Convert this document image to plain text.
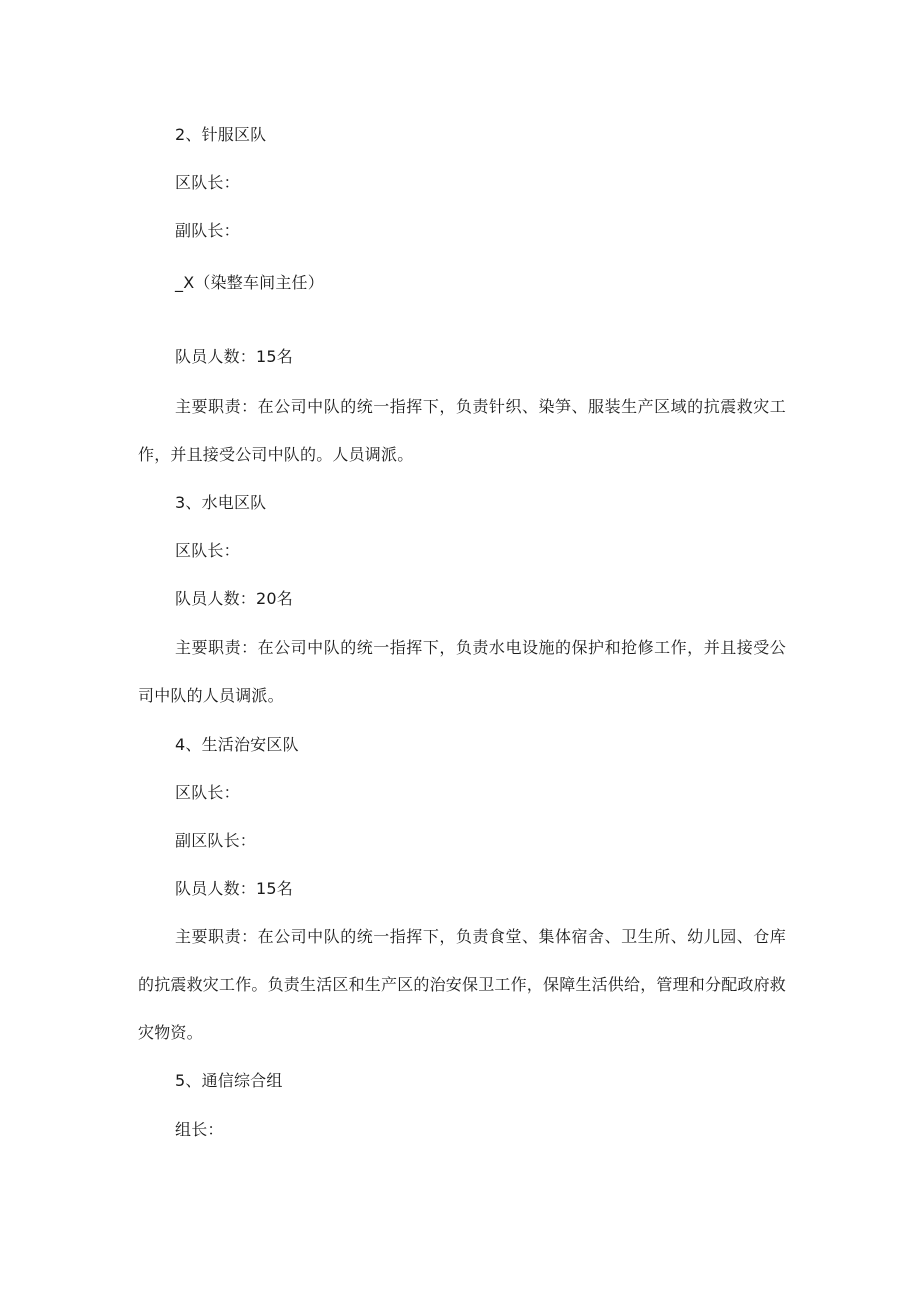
2、针服区队
区队长：
副队长：
_X（染整车间主任）
队员人数：15名
主要职责：在公司中队的统一指挥下，负责针织、染笋、服装生产区域的抗震救灾工作，并且接受公司中队的。人员调派。
3、水电区队
区队长：
队员人数：20名
主要职责：在公司中队的统一指挥下，负责水电设施的保护和抢修工作，并且接受公司中队的人员调派。
4、生活治安区队
区队长：
副区队长：
队员人数：15名
主要职责：在公司中队的统一指挥下，负责食堂、集体宿舍、卫生所、幼儿园、仓库的抗震救灾工作。负责生活区和生产区的治安保卫工作，保障生活供给，管理和分配政府救灾物资。
5、通信综合组
组长：
